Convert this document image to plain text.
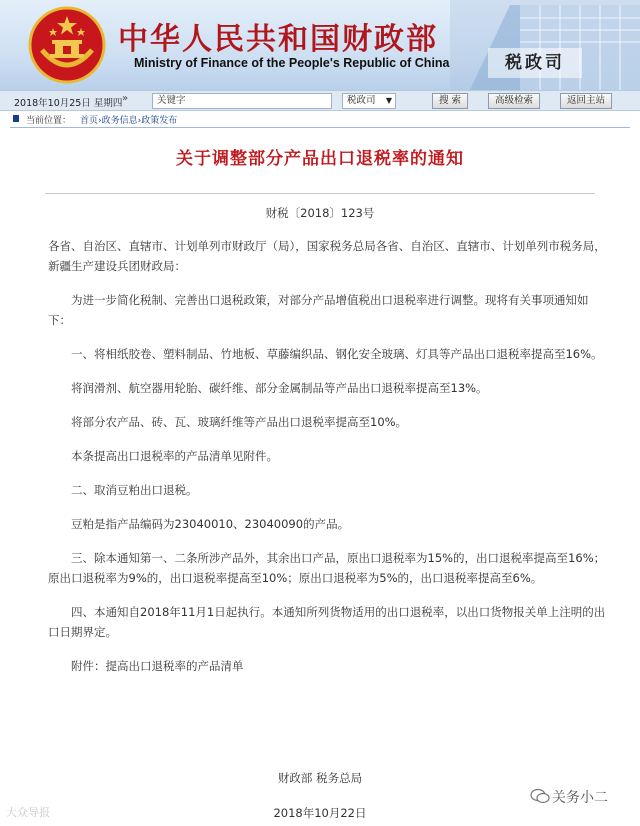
中华人民共和国财政部
Ministry of Finance of the People's Republic of China	税政司
2018年10月25日 星期四 »	关键字	税政司 ▼	搜 索	高级检索	返回主站
当前位置： 首页›政务信息›政策发布
关于调整部分产品出口退税率的通知
财税〔2018〕123号

各省、自治区、直辖市、计划单列市财政厅（局），国家税务总局各省、自治区、直辖市、计划单列市税务局，新疆生产建设兵团财政局：

为进一步简化税制、完善出口退税政策，对部分产品增值税出口退税率进行调整。现将有关事项通知如下：

一、将相纸胶卷、塑料制品、竹地板、草藤编织品、钢化安全玻璃、灯具等产品出口退税率提高至16%。

将润滑剂、航空器用轮胎、碳纤维、部分金属制品等产品出口退税率提高至13%。

将部分农产品、砖、瓦、玻璃纤维等产品出口退税率提高至10%。

本条提高出口退税率的产品清单见附件。

二、取消豆粕出口退税。

豆粕是指产品编码为23040010、23040090的产品。

三、除本通知第一、二条所涉产品外，其余出口产品，原出口退税率为15%的，出口退税率提高至16%；原出口退税率为9%的，出口退税率提高至10%；原出口退税率为5%的，出口退税率提高至6%。

四、本通知自2018年11月1日起执行。本通知所列货物适用的出口退税率，以出口货物报关单上注明的出口日期界定。

附件：提高出口退税率的产品清单

财政部 税务总局
2018年10月22日
大众导报
关务小二
